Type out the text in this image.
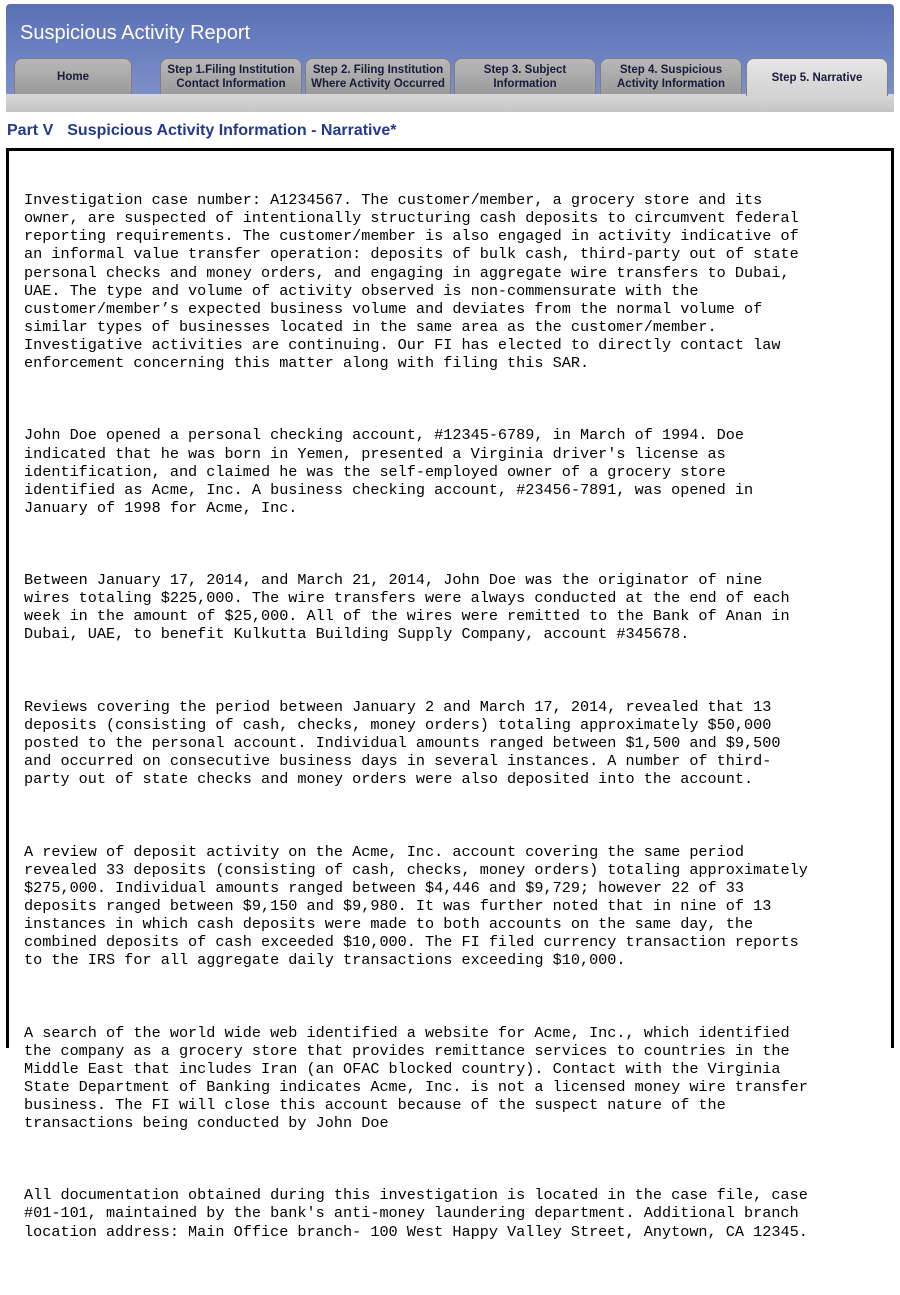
Suspicious Activity Report
Home
Step 1.Filing Institution
Contact Information
Step 2. Filing Institution
Where Activity Occurred
Step 3. Subject
Information
Step 4. Suspicious
Activity Information	Step 5. Narrative
Part V Suspicious Activity Information - Narrative*

Investigation case number: A1234567. The customer/member, a grocery store and its
owner, are suspected of intentionally structuring cash deposits to circumvent federal
reporting requirements. The customer/member is also engaged in activity indicative of
an informal value transfer operation: deposits of bulk cash, third-party out of state
personal checks and money orders, and engaging in aggregate wire transfers to Dubai,
UAE. The type and volume of activity observed is non-commensurate with the
customer/member’s expected business volume and deviates from the normal volume of
similar types of businesses located in the same area as the customer/member.
Investigative activities are continuing. Our FI has elected to directly contact law
enforcement concerning this matter along with filing this SAR.

John Doe opened a personal checking account, #12345-6789, in March of 1994. Doe
indicated that he was born in Yemen, presented a Virginia driver's license as
identification, and claimed he was the self-employed owner of a grocery store
identified as Acme, Inc. A business checking account, #23456-7891, was opened in
January of 1998 for Acme, Inc.

Between January 17, 2014, and March 21, 2014, John Doe was the originator of nine
wires totaling $225,000. The wire transfers were always conducted at the end of each
week in the amount of $25,000. All of the wires were remitted to the Bank of Anan in
Dubai, UAE, to benefit Kulkutta Building Supply Company, account #345678.

Reviews covering the period between January 2 and March 17, 2014, revealed that 13
deposits (consisting of cash, checks, money orders) totaling approximately $50,000
posted to the personal account. Individual amounts ranged between $1,500 and $9,500
and occurred on consecutive business days in several instances. A number of third-
party out of state checks and money orders were also deposited into the account.

A review of deposit activity on the Acme, Inc. account covering the same period
revealed 33 deposits (consisting of cash, checks, money orders) totaling approximately
$275,000. Individual amounts ranged between $4,446 and $9,729; however 22 of 33
deposits ranged between $9,150 and $9,980. It was further noted that in nine of 13
instances in which cash deposits were made to both accounts on the same day, the
combined deposits of cash exceeded $10,000. The FI filed currency transaction reports
to the IRS for all aggregate daily transactions exceeding $10,000.

A search of the world wide web identified a website for Acme, Inc., which identified
the company as a grocery store that provides remittance services to countries in the
Middle East that includes Iran (an OFAC blocked country). Contact with the Virginia
State Department of Banking indicates Acme, Inc. is not a licensed money wire transfer
business. The FI will close this account because of the suspect nature of the
transactions being conducted by John Doe

All documentation obtained during this investigation is located in the case file, case
#01-101, maintained by the bank's anti-money laundering department. Additional branch
location address: Main Office branch- 100 West Happy Valley Street, Anytown, CA 12345.
